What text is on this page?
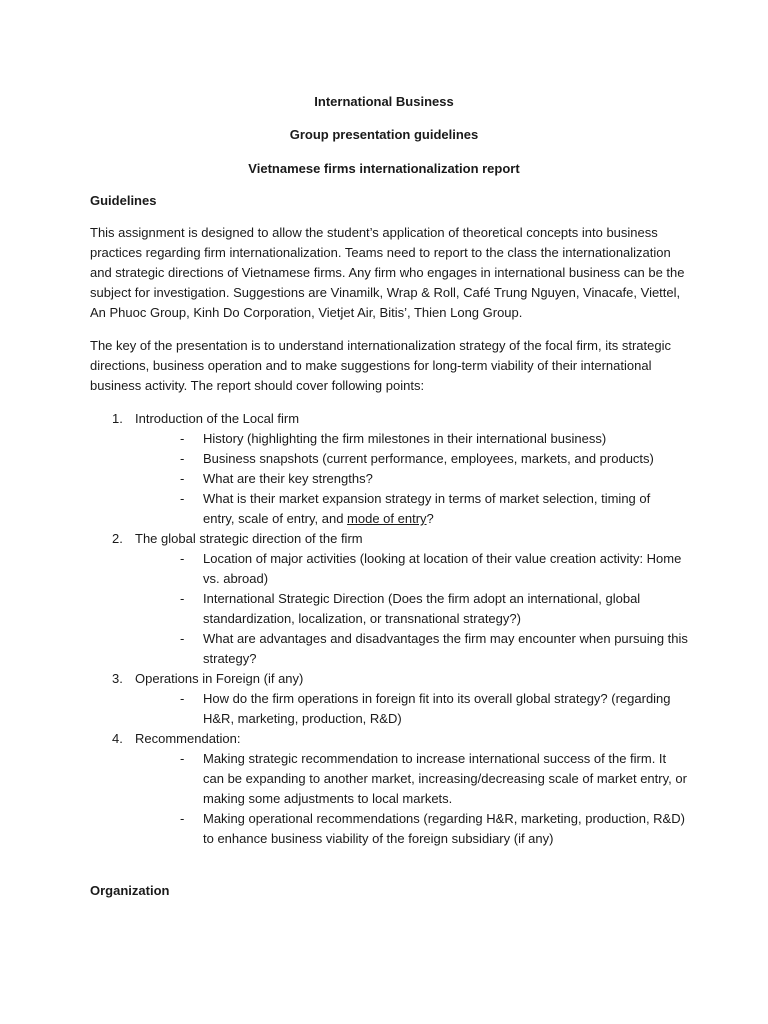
International Business
Group presentation guidelines
Vietnamese firms internationalization report
Guidelines
This assignment is designed to allow the student’s application of theoretical concepts into business
practices regarding firm internationalization. Teams need to report to the class the internationalization
and strategic directions of Vietnamese firms. Any firm who engages in international business can be the
subject for investigation. Suggestions are Vinamilk, Wrap & Roll, Café Trung Nguyen, Vinacafe, Viettel,
An Phuoc Group, Kinh Do Corporation, Vietjet Air, Bitis’, Thien Long Group.
The key of the presentation is to understand internationalization strategy of the focal firm, its strategic
directions, business operation and to make suggestions for long-term viability of their international
business activity. The report should cover following points:
1. Introduction of the Local firm
- History (highlighting the firm milestones in their international business)
- Business snapshots (current performance, employees, markets, and products)
- What are their key strengths?
- What is their market expansion strategy in terms of market selection, timing of
entry, scale of entry, and mode of entry?
2. The global strategic direction of the firm
- Location of major activities (looking at location of their value creation activity: Home
vs. abroad)
- International Strategic Direction (Does the firm adopt an international, global
standardization, localization, or transnational strategy?)
- What are advantages and disadvantages the firm may encounter when pursuing this
strategy?
3. Operations in Foreign (if any)
- How do the firm operations in foreign fit into its overall global strategy? (regarding
H&R, marketing, production, R&D)
4. Recommendation:
- Making strategic recommendation to increase international success of the firm. It
can be expanding to another market, increasing/decreasing scale of market entry, or
making some adjustments to local markets.
- Making operational recommendations (regarding H&R, marketing, production, R&D)
to enhance business viability of the foreign subsidiary (if any)
Organization
